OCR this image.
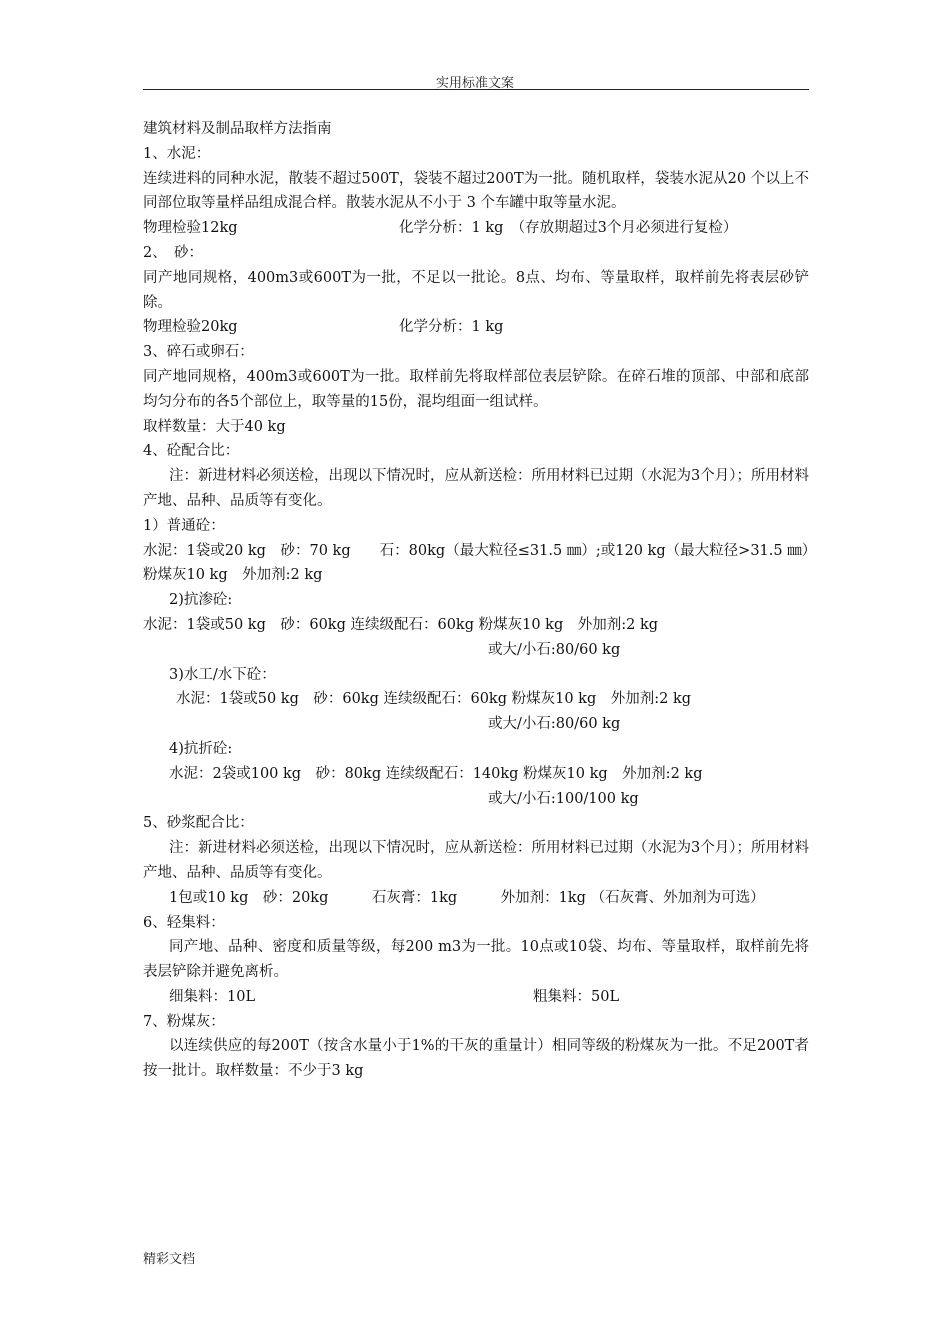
实用标准文案
建筑材料及制品取样方法指南
1、水泥：
连续进料的同种水泥，散装不超过500T，袋装不超过200T为一批。随机取样，袋装水泥从20 个以上不同部位取等量样品组成混合样。散装水泥从不小于 3 个车罐中取等量水泥。
物理检验12kg	化学分析：1 kg　（存放期超过3个月必须进行复检）
2、　砂：
同产地同规格，400m3或600T为一批，不足以一批论。8点、均布、等量取样，取样前先将表层砂铲除。
物理检验20kg	化学分析：1 kg
3、碎石或卵石：
同产地同规格，400m3或600T为一批。取样前先将取样部位表层铲除。在碎石堆的顶部、中部和底部均匀分布的各5个部位上，取等量的15份，混均组面一组试样。
取样数量：大于40 kg
4、砼配合比：
注：新进材料必须送检，出现以下情况时，应从新送检：所用材料已过期（水泥为3个月）；所用材料产地、品种、品质等有变化。
1）普通砼：
水泥：1袋或20 kg　砂：70 kg　　石：80kg（最大粒径≤31.5 ㎜）;或120 kg（最大粒径>31.5 ㎜）　粉煤灰10 kg　外加剂:2 kg
2)抗渗砼:
水泥：1袋或50 kg　砂：60kg 连续级配石：60kg 粉煤灰10 kg　外加剂:2 kg
或大/小石:80/60 kg
3)水工/水下砼：
水泥：1袋或50 kg　砂：60kg 连续级配石：60kg 粉煤灰10 kg　外加剂:2 kg
或大/小石:80/60 kg
4)抗折砼:
水泥：2袋或100 kg　砂：80kg 连续级配石：140kg 粉煤灰10 kg　外加剂:2 kg
或大/小石:100/100 kg
5、砂浆配合比：
注：新进材料必须送检，出现以下情况时，应从新送检：所用材料已过期（水泥为3个月）；所用材料产地、品种、品质等有变化。
1包或10 kg　砂：20kg　　　石灰膏：1kg　　　外加剂：1kg （石灰膏、外加剂为可选）
6、轻集料：
同产地、品种、密度和质量等级，每200 m3为一批。10点或10袋、均布、等量取样，取样前先将表层铲除并避免离析。
细集料：10L	粗集料：50L
7、粉煤灰：
以连续供应的每200T（按含水量小于1%的干灰的重量计）相同等级的粉煤灰为一批。不足200T者按一批计。取样数量：不少于3 kg
精彩文档
